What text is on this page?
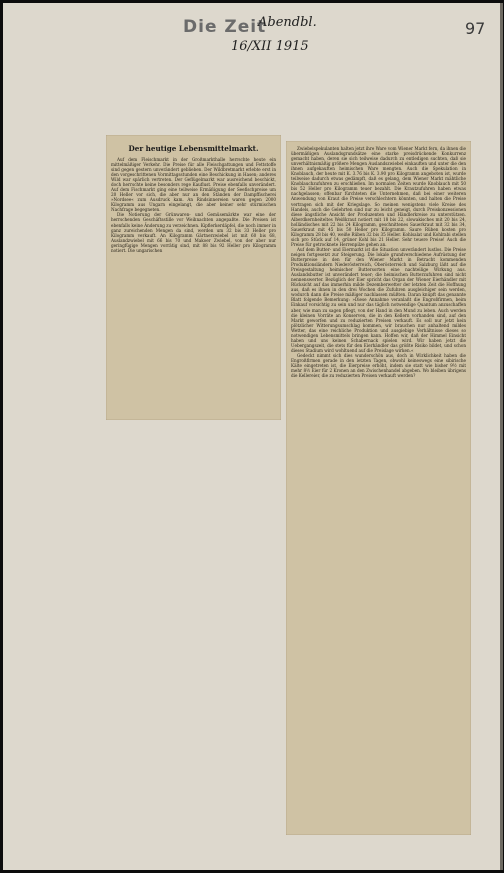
Die Zeit
Abendbl.
16/XII 1915
97
Der heutige Lebensmittelmarkt.
Auf dem Fleischmarkt in der Großmarkthalle herrschte heute ein mittelmäßiger Verkehr. Die Preise für alle Fleischgattungen und Fettstoffe sind gegen gestern unverändert geblieben. Der Wildbretmarkt erlebte erst in den vorgeschrittenen Vormittagsstunden eine Beschickung in Hasen; anderes Wild war spärlich vertreten. Der Geflügelmarkt war ausreichend beschickt, doch herrschte keine besonders rege Kauflust. Preise ebenfalls unverändert. Auf dem Fischmarkt ging eine teilweise Ermäßigung der Seefischpreise um 20 Heller vor sich, die aber nur an den Ständen der Dampffischerei »Nordsee« zum Ausdruck kam. An Rindsinnereien waren gegen 2000 Kilogramm aus Ungarn eingelangt, die aber keiner sehr stürmischen Nachfrage begegneten.
Die Notierung der Grünwaren- und Gemüsemärkte war eine der herrschenden Geschäftsstille vor Weihnachten angepaßte. Die Preisen ist ebenfalls keine Änderung zu verzeichnen. Kipflerkerdäpfel, die noch immer in ganz zureichenden Mengen da sind, werden um 32 bis 33 Heller pro Kilogramm verkauft. An Kilogramm Gärtnerzwiebel ist mit 60 bis 68, Auslandzwiebel mit 66 bis 70 und Makoer Zwiebel, von der aber nur geringfügige Mengen vorrätig sind, mit 88 bis 92 Heller pro Kilogramm notiert. Die ungarischen
Zwiebelspekulanten halten jetzt ihre Ware vom Wiener Markt fern, da ihnen die übermäßigen Auslandsgrundsätze eine starke preisdrückende Konkurrenz gemacht haben, deren sie sich teilweise dadurch zu entledigen suchten, daß sie unverhältnismäßig größere Mengen Auslandszwiebel einkauften und unter die den ihnen aufgekauften heimischen Ware mengten. Auch die Spekulation in Knoblauch, der heute mit K. 3.76 bis K. 3.90 pro Kilogramm angeboten ist, wurde teilweise dadurch etwas gedämpft, daß es gelang, dem Wiener Markt mähtliche Knoblauchzufuhren zu erschließen. Im normalen Zeiten wurde Knoblauch mit 50 bis 52 Heller pro Kilogramm teuer bezahlt. Die Krautzufuhren haben etwas nachgelassen; offenbar fürchteten die Unternehmen, daß bei einer weiteren Anwendung von Kraut die Preise verschlechtern könnten, und halten die Preise vertragen sich mit der Kriegslage. So meinen wenigstens viele Kreise des Handels, auch die Gelehrten sind nur zu leicht geneigt, durch Preiskonzessionen diese ängstliche Ansicht der Produzenten und Händlerkreise zu unterstützen. Alberdkernheiteltes Weißkraut notiert mit 18 bis 22, slowakisches mit 20 bis 24, holländisches mit 22 bis 24 Kilogramm, geschnittenes Sauerkraut mit 32 bis 34, Sauerkraut mit 45 bis 50 Heller pro Kilogramm. Saure Rüben kosten pro Kilogramm 28 bis 40, weiße Rüben 32 bis 35 Heller. Kohlsalat und Kohlrabi stellen sich pro Stück auf 14, grüner Kohl bis 21 Heller. Sehr teuere Preise! Auch die Preise für getrocknete Herrenpilze gehen an.
Auf dem Butter- und Eiermarkt ist die Situation unverändert lustlos. Die Preise neigen fortgesetzt zur Steigerung. Die lokale grundverschiedene Aufrüstung der Butterpreise in den für den Wiener Markt in Betracht kommenden Produktionsländern Niederösterreich, Oberösterreich und Salzburg läßt auf die Preisgestaltung heimischer Buttersorten eine nachteilige Wirkung aus. Auslandsbutter ist unverändert teuer; die heimischen Butterzufuhren sind nicht nennenswerter. Bezüglich der Eier spricht das Organ der Wiener Eierhändler mit Rücksicht auf das immerhin milde Dezemberwetter der letzten Zeit die Hoffnung aus, daß es ihnen in den drei Wochen die Zufuhren ausgleichiger sein werden, wodurch dann die Preise mäßiger nachlassen müßten. Daran knüpft das genannte Blatt folgende Bemerkung: »Diese Annahme veranlaßt die Engroßfirmen, beim Einkauf vorsichtig zu sein und nur das täglich notwendige Quantum anzuschaffen aber, wie man zu sagen pflegt, von der Hand in den Mund zu leben. Auch werden die kleinen Vorräte an Konserven, die in den Kellern vorhanden sind, auf den Markt geworfen und zu reduzierten Preisen verkauft. Es soll nur jetzt kein plötzlicher Witterungsumschlag kommen, wir brauchen nur anhaltend mildes Wetter, das eine reichliche Produktion und ausgiebige Verhältnisse dieses so notwendigen Lebensmittels bringen kann. Hoffen wir, daß der Himmel Einsicht haben und uns keinen Schabernack spielen wird. Wir haben jetzt die Uebergangszeit, die stets für den Eierhändler das größte Risiko bildet, und schon dieses Stadium wird wohltuend auf die Preislage wirken.«
Gedeckt nimmt sich dies wunderschön aus, doch in Wirklichkeit haben die Engroßfirmen gerade in den letzten Tagen, obwohl keineswegs eine sibirische Kälte eingetreten ist, die Eierpreise erhöht, indem sie statt wie bisher 9½ mit mehr 8½ Eier für 2 Kronen an den Zwischenhandel abgeben. Wo bleiben übrigens die Kellereier, die zu reduzierten Preisen verkauft werden?
